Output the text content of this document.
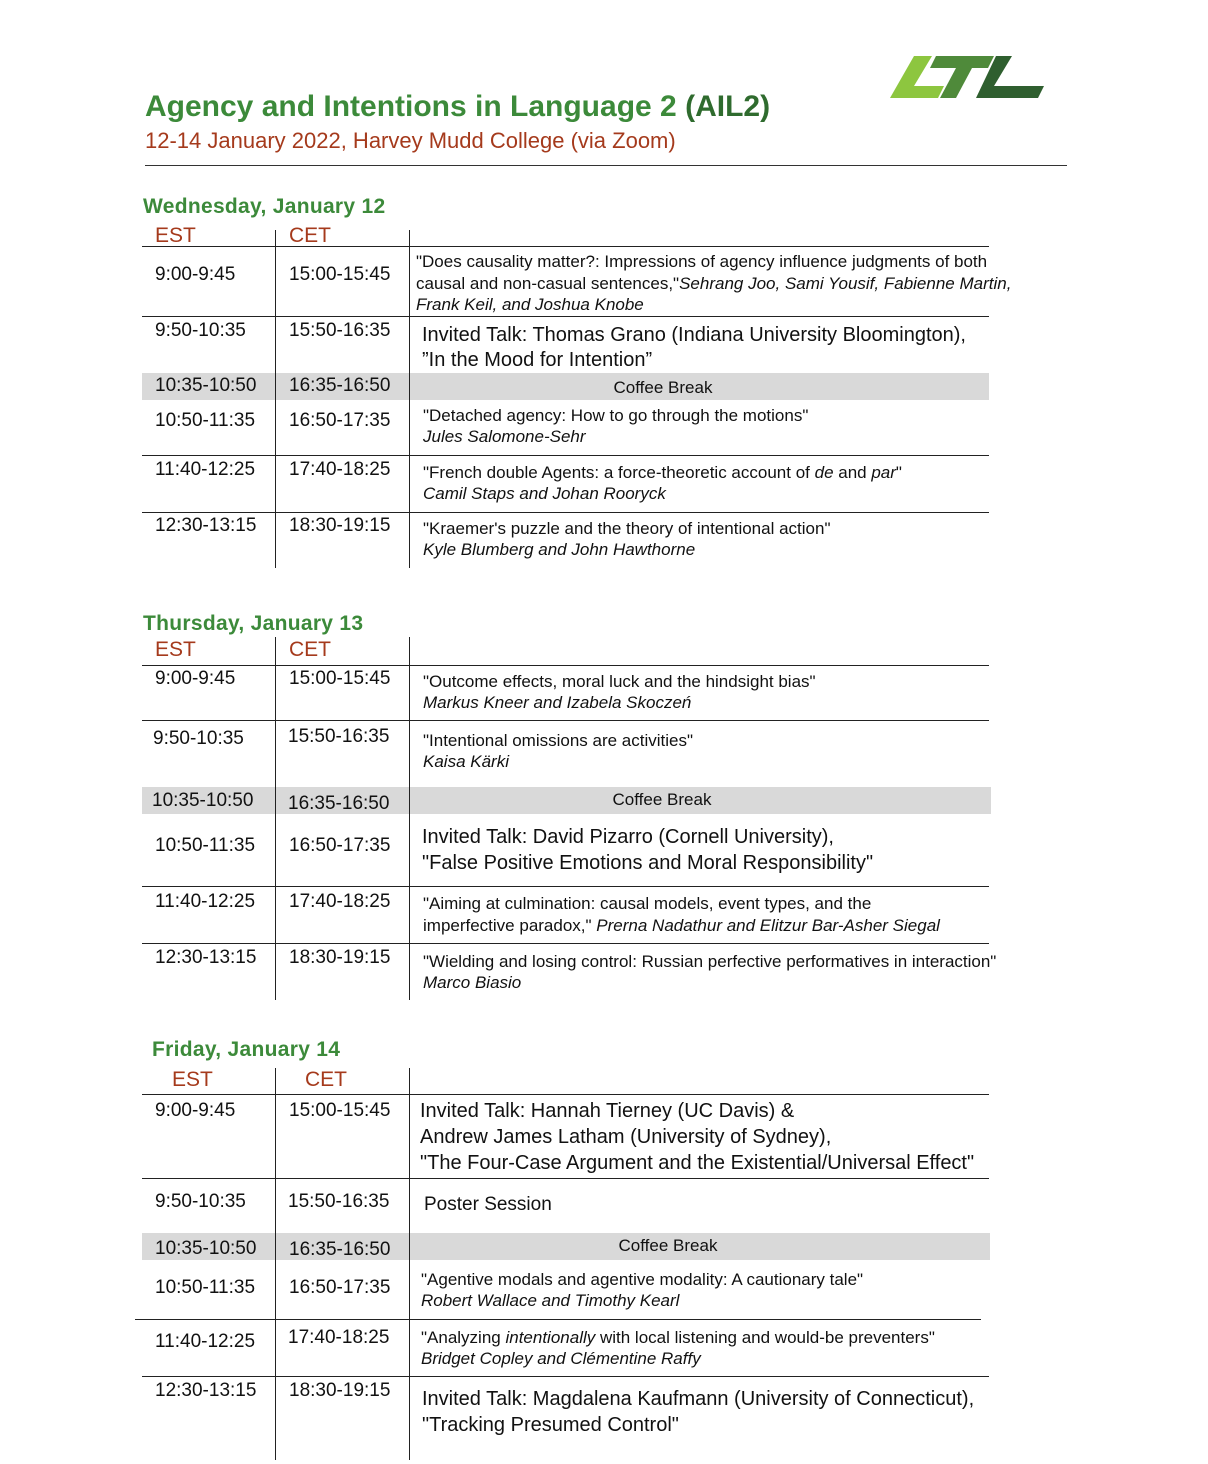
Agency and Intentions in Language 2 (AIL2)
12-14 January 2022, Harvey Mudd College (via Zoom)
Wednesday, January 12
EST	CET
9:00-9:45	15:00-15:45
"Does causality matter?: Impressions of agency influence judgments of both
causal and non-casual sentences,"Sehrang Joo, Sami Yousif, Fabienne Martin,
Frank Keil, and Joshua Knobe
9:50-10:35 15:50-16:35 Invited Talk: Thomas Grano (Indiana University Bloomington),
”In the Mood for Intention”
10:35-10:50 16:35-16:50	Coffee Break
10:50-11:35 16:50-17:35 "Detached agency: How to go through the motions"
Jules Salomone-Sehr
11:40-12:25 17:40-18:25 "French double Agents: a force-theoretic account of de and par"
Camil Staps and Johan Rooryck
12:30-13:15 18:30-19:15 "Kraemer's puzzle and the theory of intentional action"
Kyle Blumberg and John Hawthorne
Thursday, January 13
EST	CET
9:00-9:45	15:00-15:45 "Outcome effects, moral luck and the hindsight bias"
Markus Kneer and Izabela Skoczeń
9:50-10:35 15:50-16:35 "Intentional omissions are activities"
Kaisa Kärki
10:35-10:50 16:35-16:50	Coffee Break
10:50-11:35 16:50-17:35 Invited Talk: David Pizarro (Cornell University),
"False Positive Emotions and Moral Responsibility"
11:40-12:25 17:40-18:25 "Aiming at culmination: causal models, event types, and the
imperfective paradox," Prerna Nadathur and Elitzur Bar-Asher Siegal
12:30-13:15 18:30-19:15 "Wielding and losing control: Russian perfective performatives in interaction"
Marco Biasio
Friday, January 14
EST	CET
9:00-9:45	15:00-15:45 Invited Talk: Hannah Tierney (UC Davis) &
Andrew James Latham (University of Sydney),
"The Four-Case Argument and the Existential/Universal Effect"
9:50-10:35 15:50-16:35 Poster Session
10:35-10:50 16:35-16:50	Coffee Break
10:50-11:35 16:50-17:35 "Agentive modals and agentive modality: A cautionary tale"
Robert Wallace and Timothy Kearl
11:40-12:25 17:40-18:25 "Analyzing intentionally with local listening and would-be preventers"
Bridget Copley and Clémentine Raffy
12:30-13:15 18:30-19:15 Invited Talk: Magdalena Kaufmann (University of Connecticut),
"Tracking Presumed Control"
